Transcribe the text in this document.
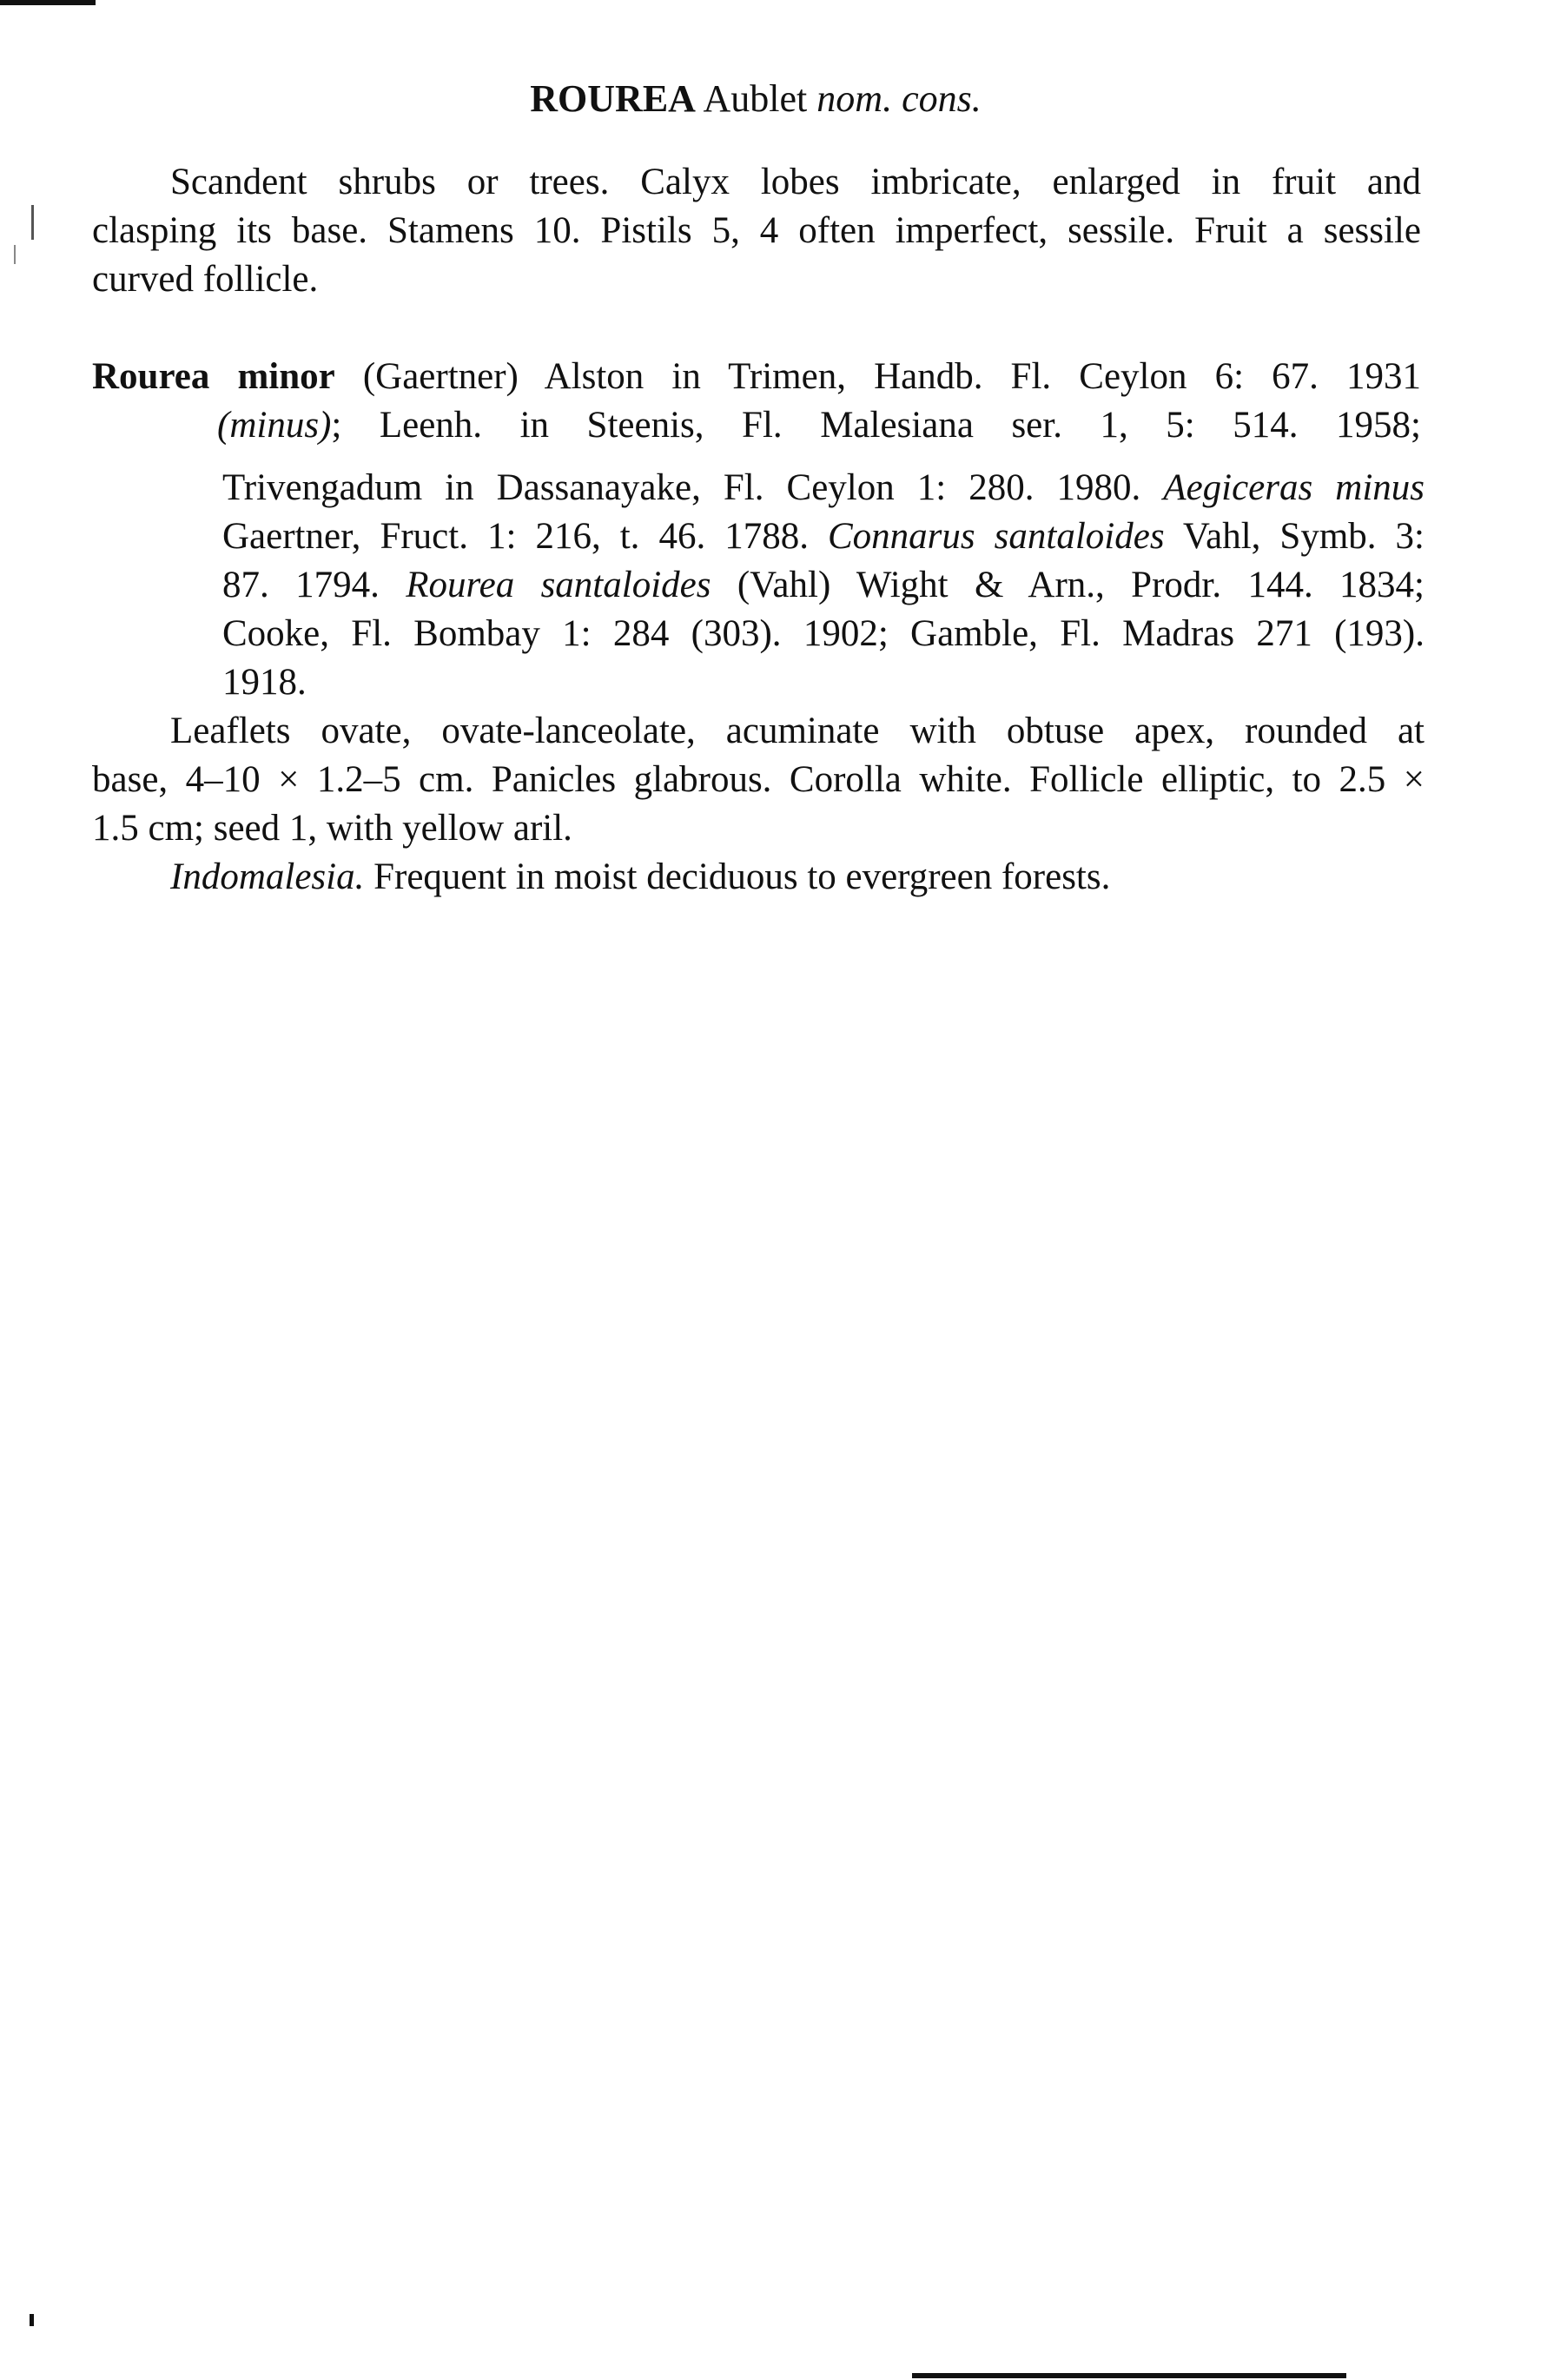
ROUREA Aublet nom. cons.
Scandent shrubs or trees. Calyx lobes imbricate, enlarged in fruit and
clasping its base. Stamens 10. Pistils 5, 4 often imperfect, sessile. Fruit a sessile
curved follicle.
Rourea minor (Gaertner) Alston in Trimen, Handb. Fl. Ceylon 6: 67. 1931
(minus); Leenh. in Steenis, Fl. Malesiana ser. 1, 5: 514. 1958;
Trivengadum in Dassanayake, Fl. Ceylon 1: 280. 1980. Aegiceras minus
Gaertner, Fruct. 1: 216, t. 46. 1788. Connarus santaloides Vahl, Symb. 3:
87. 1794. Rourea santaloides (Vahl) Wight & Arn., Prodr. 144. 1834;
Cooke, Fl. Bombay 1: 284 (303). 1902; Gamble, Fl. Madras 271 (193).
1918.
Leaflets ovate, ovate-lanceolate, acuminate with obtuse apex, rounded at
base, 4–10 × 1.2–5 cm. Panicles glabrous. Corolla white. Follicle elliptic, to 2.5 ×
1.5 cm; seed 1, with yellow aril.
Indomalesia. Frequent in moist deciduous to evergreen forests.
